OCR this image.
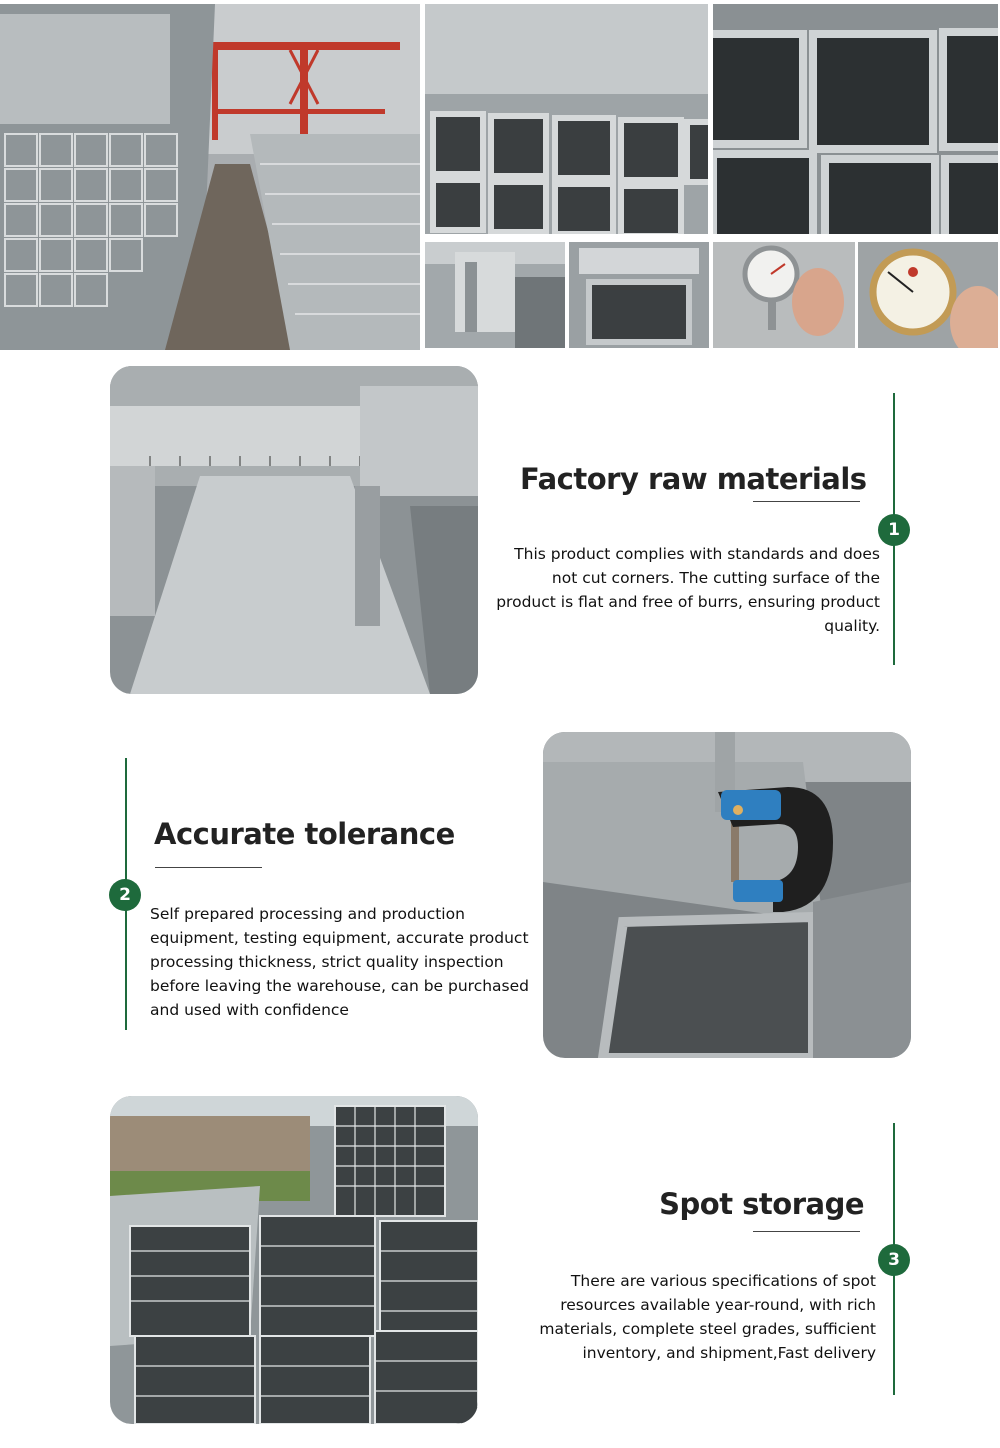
Factory raw materials
This product complies with standards and does not cut corners. The cutting surface of the product is flat and free of burrs, ensuring product quality.
1
2
Accurate tolerance
Self prepared processing and production equipment, testing equipment, accurate product processing thickness, strict quality inspection before leaving the warehouse, can be purchased and used with confidence
Spot storage
There are various specifications of spot resources available year-round, with rich materials, complete steel grades, sufficient inventory, and shipment,Fast delivery
3
